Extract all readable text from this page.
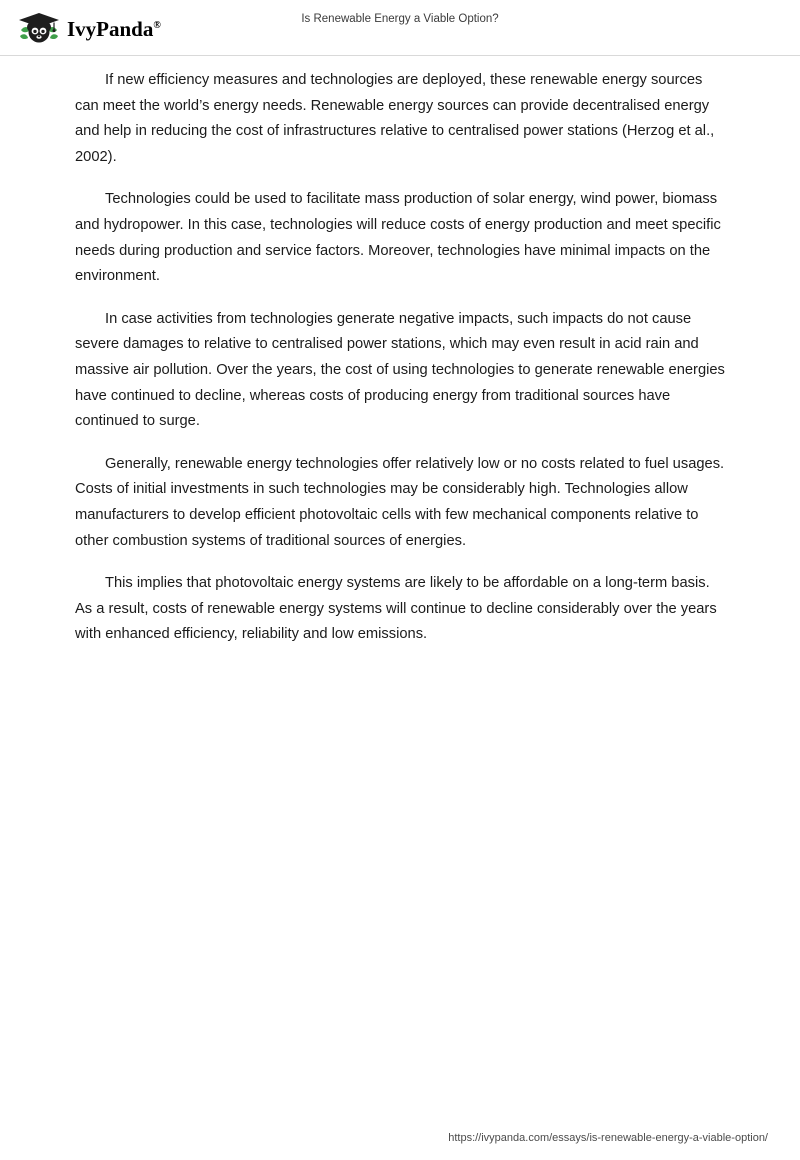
IvyPanda®	Is Renewable Energy a Viable Option?

If new efficiency measures and technologies are deployed, these renewable energy sources can meet the world’s energy needs. Renewable energy sources can provide decentralised energy and help in reducing the cost of infrastructures relative to centralised power stations (Herzog et al., 2002).

Technologies could be used to facilitate mass production of solar energy, wind power, biomass and hydropower. In this case, technologies will reduce costs of energy production and meet specific needs during production and service factors. Moreover, technologies have minimal impacts on the environment.

In case activities from technologies generate negative impacts, such impacts do not cause severe damages to relative to centralised power stations, which may even result in acid rain and massive air pollution. Over the years, the cost of using technologies to generate renewable energies have continued to decline, whereas costs of producing energy from traditional sources have continued to surge.

Generally, renewable energy technologies offer relatively low or no costs related to fuel usages. Costs of initial investments in such technologies may be considerably high. Technologies allow manufacturers to develop efficient photovoltaic cells with few mechanical components relative to other combustion systems of traditional sources of energies.

This implies that photovoltaic energy systems are likely to be affordable on a long-term basis. As a result, costs of renewable energy systems will continue to decline considerably over the years with enhanced efficiency, reliability and low emissions.

https://ivypanda.com/essays/is-renewable-energy-a-viable-option/
